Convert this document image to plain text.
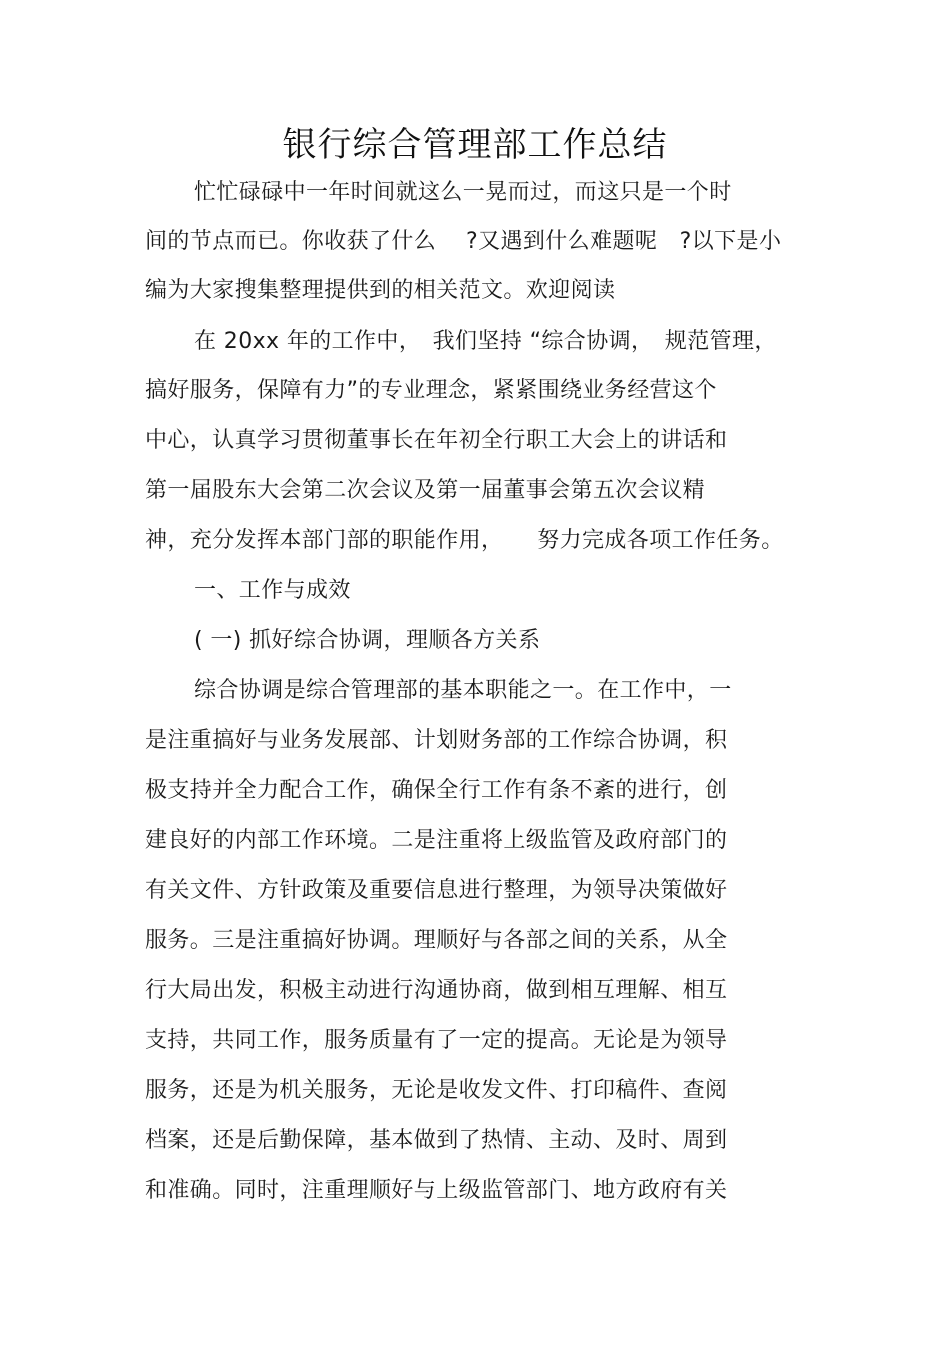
银行综合管理部工作总结

忙忙碌碌中一年时间就这么一晃而过，而这只是一个时

间的节点而已。你收获了什么　 ?又遇到什么难题呢　?以下是小

编为大家搜集整理提供到的相关范文。欢迎阅读

在 20xx 年的工作中，　我们坚持 “综合协调，　规范管理，

搞好服务，保障有力”的专业理念，紧紧围绕业务经营这个

中心，认真学习贯彻董事长在年初全行职工大会上的讲话和

第一届股东大会第二次会议及第一届董事会第五次会议精

神，充分发挥本部门部的职能作用，　　努力完成各项工作任务。

一、工作与成效

( 一) 抓好综合协调，理顺各方关系

综合协调是综合管理部的基本职能之一。在工作中，一

是注重搞好与业务发展部、计划财务部的工作综合协调，积

极支持并全力配合工作，确保全行工作有条不紊的进行，创

建良好的内部工作环境。二是注重将上级监管及政府部门的

有关文件、方针政策及重要信息进行整理，为领导决策做好

服务。三是注重搞好协调。理顺好与各部之间的关系，从全

行大局出发，积极主动进行沟通协商，做到相互理解、相互

支持，共同工作，服务质量有了一定的提高。无论是为领导

服务，还是为机关服务，无论是收发文件、打印稿件、查阅

档案，还是后勤保障，基本做到了热情、主动、及时、周到

和准确。同时，注重理顺好与上级监管部门、地方政府有关
